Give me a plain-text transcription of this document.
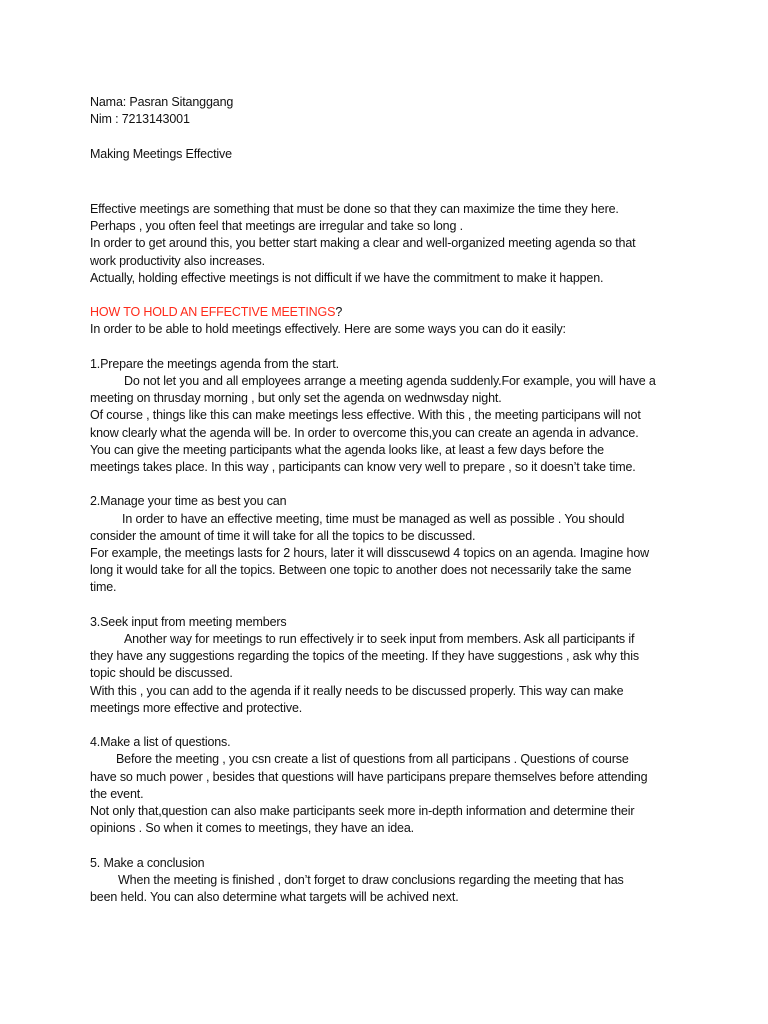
Nama: Pasran Sitanggang
Nim : 7213143001
Making Meetings Effective
Effective meetings are something that must be done so that they can maximize the time they here.
Perhaps , you often feel that meetings are irregular and take so long .
In order to get around this, you better start making a clear and well-organized meeting agenda so that
work productivity also increases.
Actually, holding effective meetings is not difficult if we have the commitment to make it happen.
HOW TO HOLD AN EFFECTIVE MEETINGS?
In order to be able to hold meetings effectively. Here are some ways you can do it easily:
1.Prepare the meetings agenda from the start.
Do not let you and all employees arrange a meeting agenda suddenly.For example, you will have a
meeting on thrusday morning , but only set the agenda on wednwsday night.
Of course , things like this can make meetings less effective. With this , the meeting participans will not
know clearly what the agenda will be. In order to overcome this,you can create an agenda in advance.
You can give the meeting participants what the agenda looks like, at least a few days before the
meetings takes place. In this way , participants can know very well to prepare , so it doesn’t take time.
2.Manage your time as best you can
In order to have an effective meeting, time must be managed as well as possible . You should
consider the amount of time it will take for all the topics to be discussed.
For example, the meetings lasts for 2 hours, later it will disscusewd 4 topics on an agenda. Imagine how
long it would take for all the topics. Between one topic to another does not necessarily take the same
time.
3.Seek input from meeting members
Another way for meetings to run effectively ir to seek input from members. Ask all participants if
they have any suggestions regarding the topics of the meeting. If they have suggestions , ask why this
topic should be discussed.
With this , you can add to the agenda if it really needs to be discussed properly. This way can make
meetings more effective and protective.
4.Make a list of questions.
Before the meeting , you csn create a list of questions from all participans . Questions of course
have so much power , besides that questions will have participans prepare themselves before attending
the event.
Not only that,question can also make participants seek more in-depth information and determine their
opinions . So when it comes to meetings, they have an idea.
5. Make a conclusion
When the meeting is finished , don’t forget to draw conclusions regarding the meeting that has
been held. You can also determine what targets will be achived next.
